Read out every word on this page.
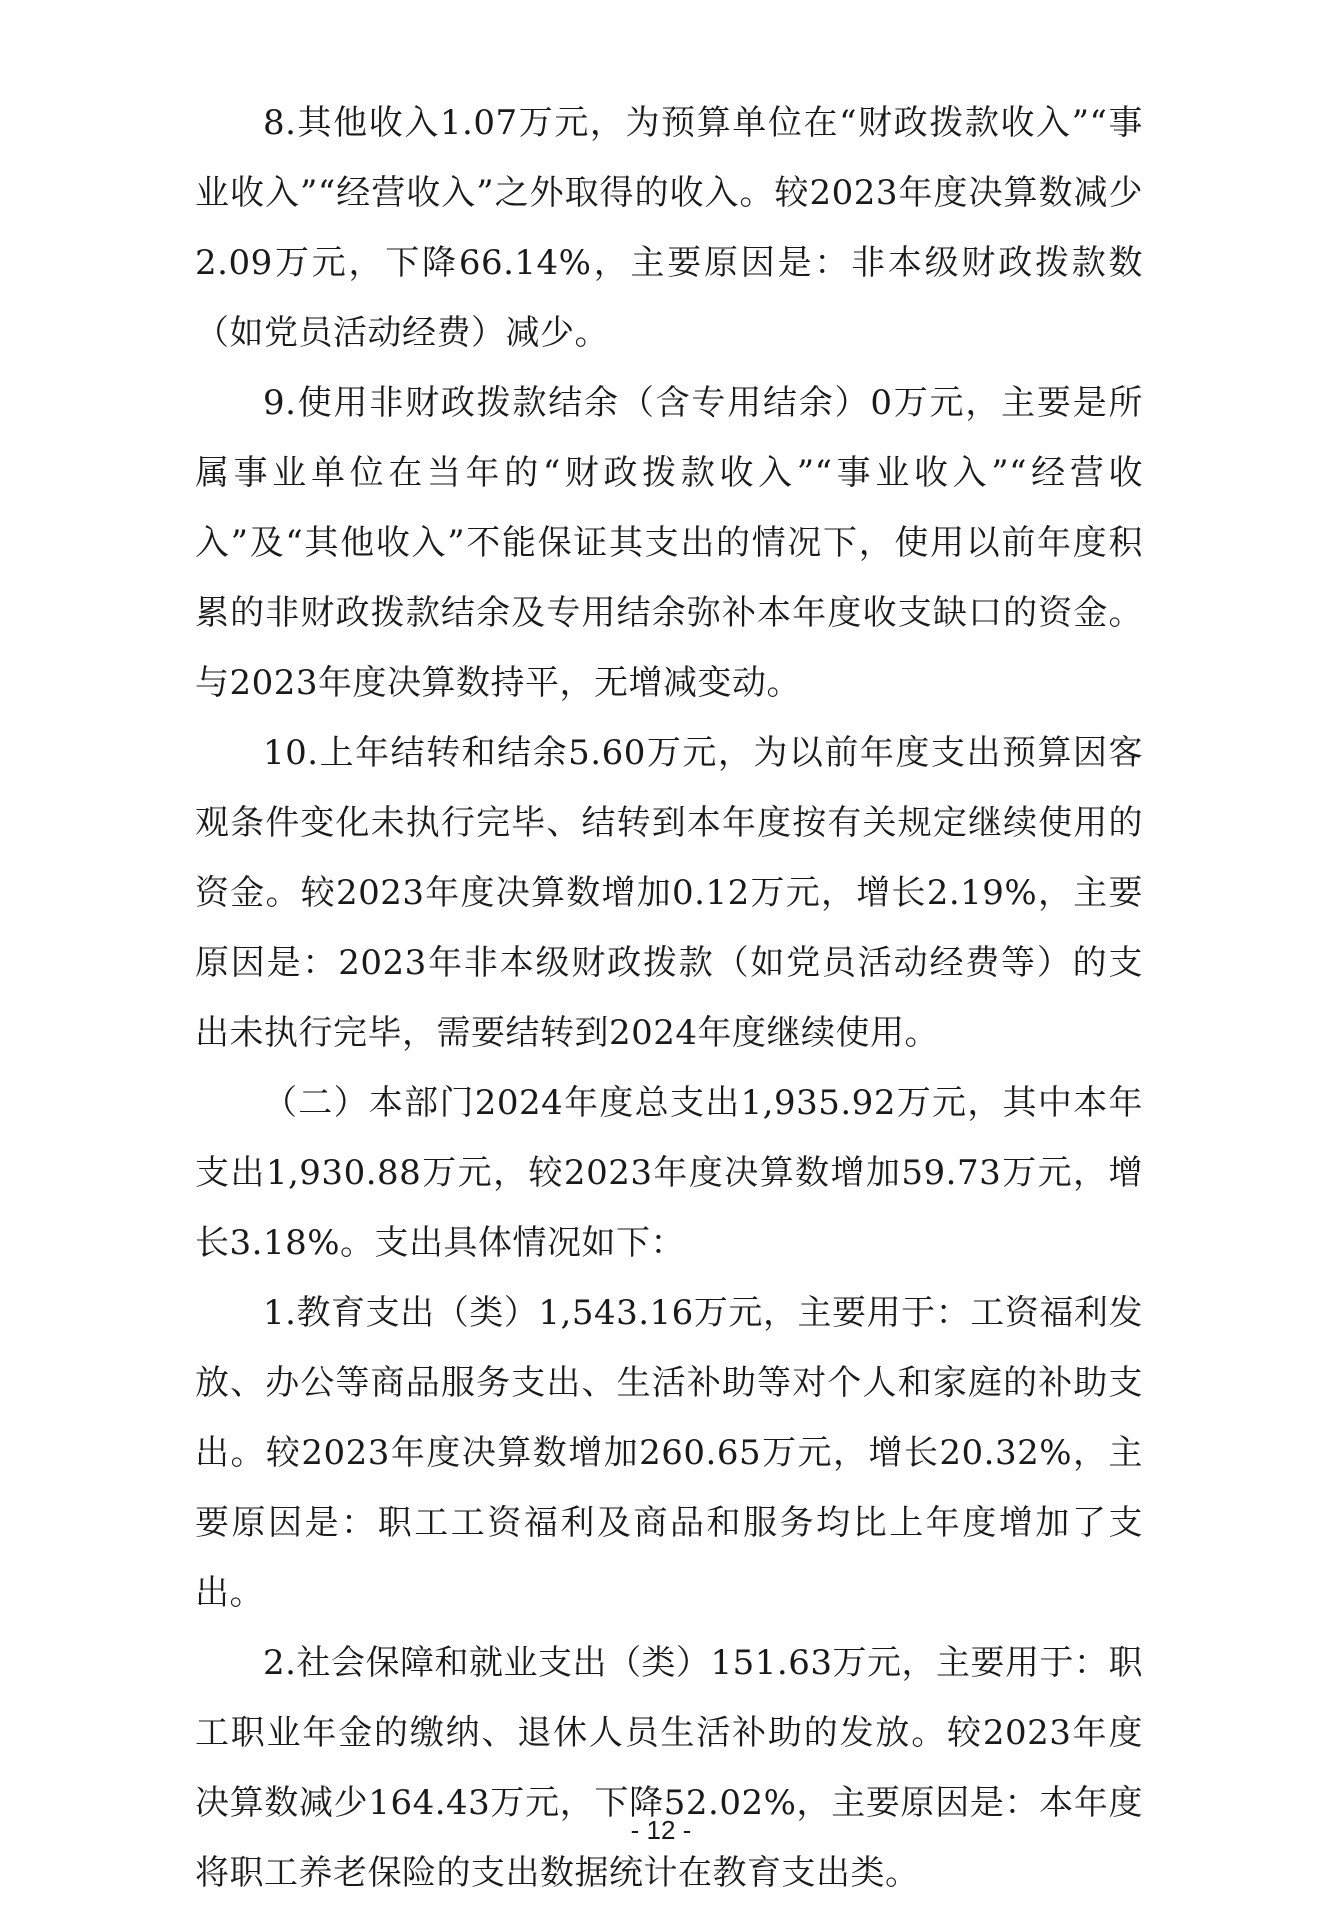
8.其他收入1.07万元，为预算单位在“财政拨款收入”“事业收入”“经营收入”之外取得的收入。较2023年度决算数减少2.09万元，下降66.14%，主要原因是：非本级财政拨款数（如党员活动经费）减少。

9.使用非财政拨款结余（含专用结余）0万元，主要是所属事业单位在当年的“财政拨款收入”“事业收入”“经营收入”及“其他收入”不能保证其支出的情况下，使用以前年度积累的非财政拨款结余及专用结余弥补本年度收支缺口的资金。与2023年度决算数持平，无增减变动。

10.上年结转和结余5.60万元，为以前年度支出预算因客观条件变化未执行完毕、结转到本年度按有关规定继续使用的资金。较2023年度决算数增加0.12万元，增长2.19%，主要原因是：2023年非本级财政拨款（如党员活动经费等）的支出未执行完毕，需要结转到2024年度继续使用。

（二）本部门2024年度总支出1,935.92万元，其中本年支出1,930.88万元，较2023年度决算数增加59.73万元，增长3.18%。支出具体情况如下：

1.教育支出（类）1,543.16万元，主要用于：工资福利发放、办公等商品服务支出、生活补助等对个人和家庭的补助支出。较2023年度决算数增加260.65万元，增长20.32%，主要原因是：职工工资福利及商品和服务均比上年度增加了支出。

2.社会保障和就业支出（类）151.63万元，主要用于：职工职业年金的缴纳、退休人员生活补助的发放。较2023年度决算数减少164.43万元，下降52.02%，主要原因是：本年度将职工养老保险的支出数据统计在教育支出类。

- 12 -
